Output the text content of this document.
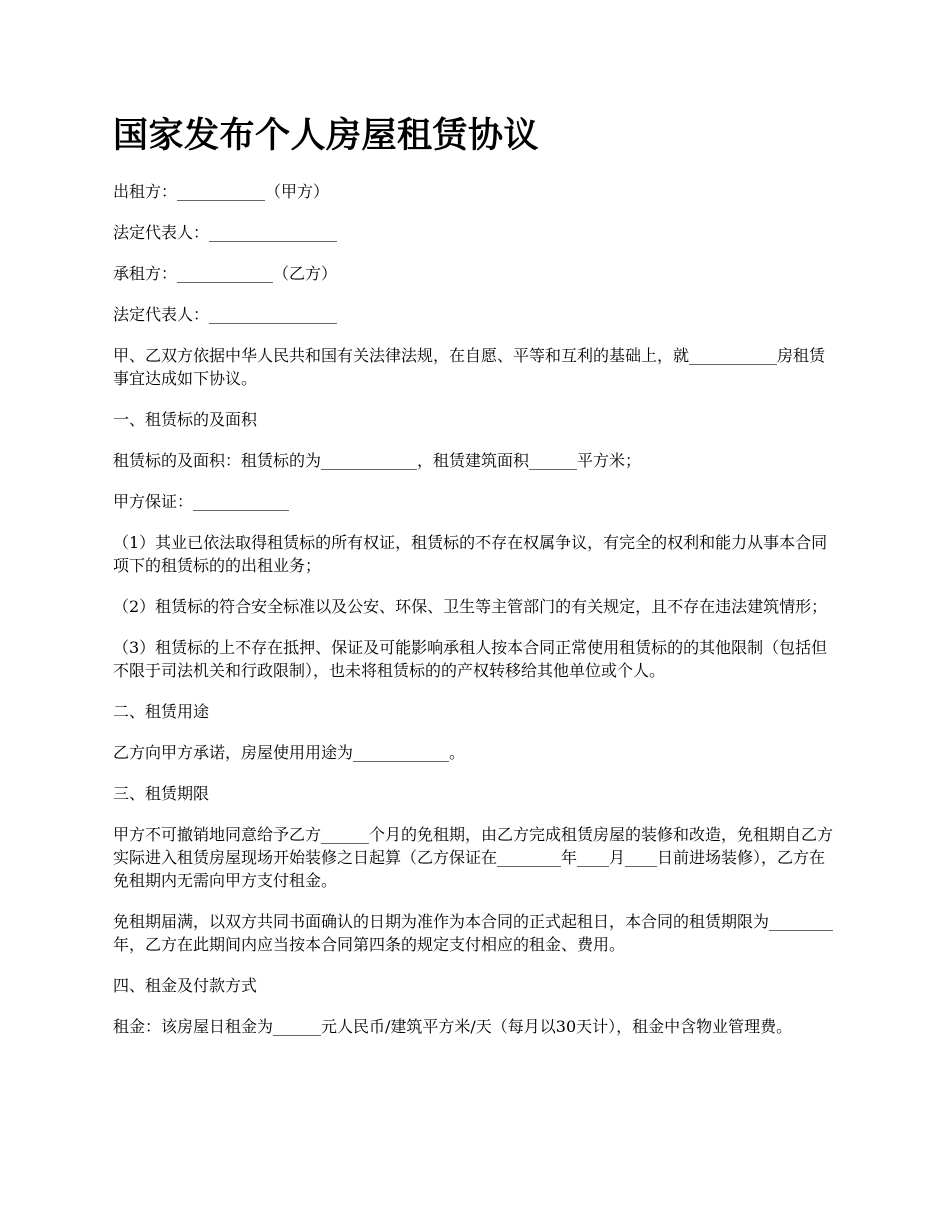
国家发布个人房屋租赁协议

出租方：___________（甲方）

法定代表人：________________

承租方：____________（乙方）

法定代表人：________________

甲、乙双方依据中华人民共和国有关法律法规，在自愿、平等和互利的基础上，就___________房租赁事宜达成如下协议。

一、租赁标的及面积

租赁标的及面积：租赁标的为____________，租赁建筑面积______平方米；

甲方保证：____________

（1）其业已依法取得租赁标的所有权证，租赁标的不存在权属争议，有完全的权利和能力从事本合同项下的租赁标的的出租业务；

（2）租赁标的符合安全标准以及公安、环保、卫生等主管部门的有关规定，且不存在违法建筑情形；

（3）租赁标的上不存在抵押、保证及可能影响承租人按本合同正常使用租赁标的的其他限制（包括但不限于司法机关和行政限制），也未将租赁标的的产权转移给其他单位或个人。

二、租赁用途

乙方向甲方承诺，房屋使用用途为____________。

三、租赁期限

甲方不可撤销地同意给予乙方______个月的免租期，由乙方完成租赁房屋的装修和改造，免租期自乙方实际进入租赁房屋现场开始装修之日起算（乙方保证在________年____月____日前进场装修），乙方在免租期内无需向甲方支付租金。

免租期届满，以双方共同书面确认的日期为准作为本合同的正式起租日，本合同的租赁期限为________年，乙方在此期间内应当按本合同第四条的规定支付相应的租金、费用。

四、租金及付款方式

租金：该房屋日租金为______元人民币/建筑平方米/天（每月以30天计），租金中含物业管理费。
